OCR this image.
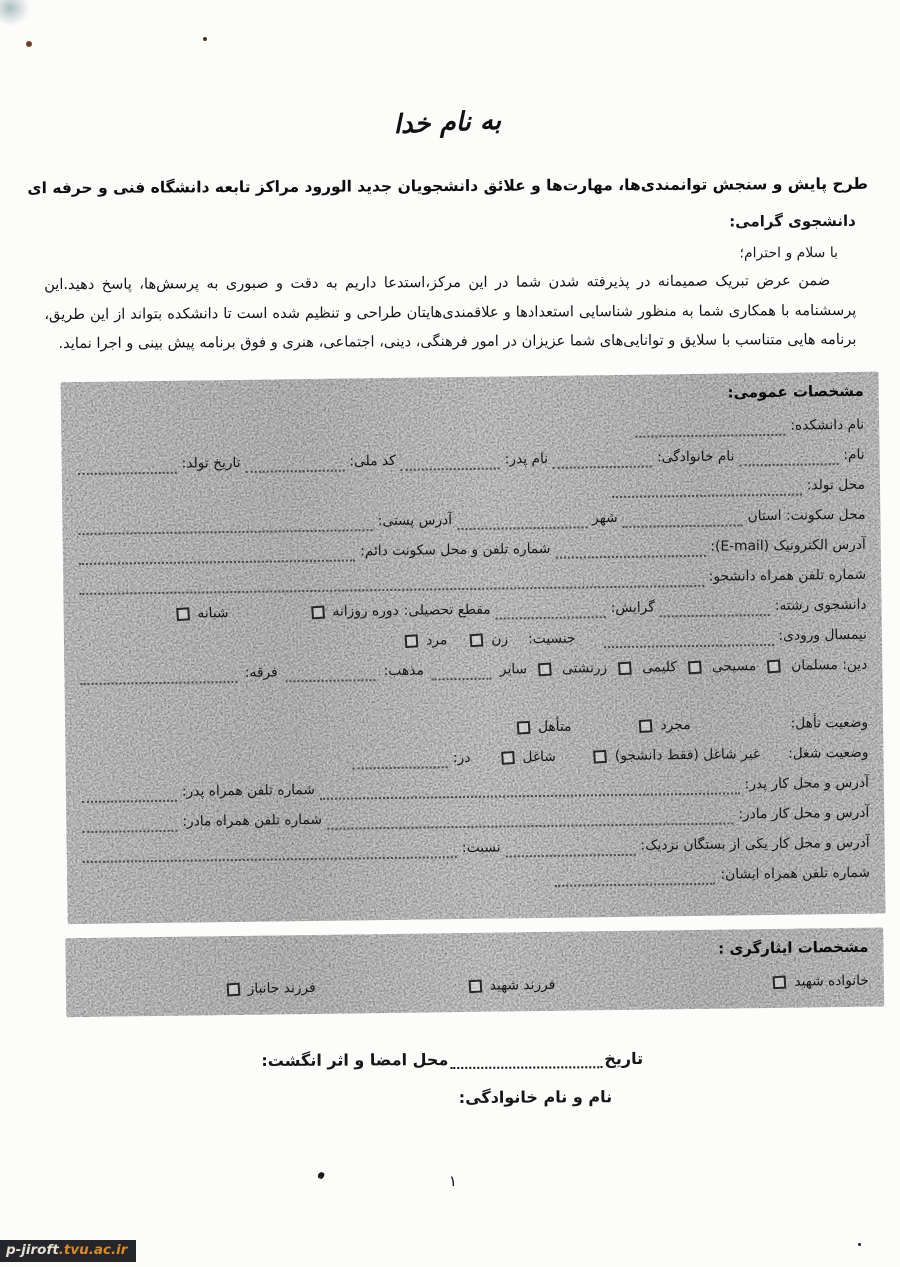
به نام خدا
طرح پایش و سنجش توانمندی‌ها، مهارت‌ها و علائق دانشجویان جدید الورود مراکز تابعه دانشگاه فنی و حرفه ای
دانشجوی گرامی:
با سلام و احترام؛
ضمن عرض تبریک صمیمانه در پذیرفته شدن شما در این مرکز،استدعا داریم به دقت و صبوری به پرسش‌ها، پاسخ دهید.این پرسشنامه با همکاری شما به منظور شناسایی استعدادها و علاقمندی‌هایتان طراحی و تنظیم شده است تا دانشکده بتواند از این طریق، برنامه هایی متناسب با سلایق و توانایی‌های شما عزیزان در امور فرهنگی، دینی، اجتماعی، هنری و فوق برنامه پیش بینی و اجرا نماید.
مشخصات عمومی:
نام دانشکده:
نام:
نام خانوادگی:
نام پدر:
کد ملی:
تاریخ تولد:
محل تولد:
محل سکونت: استان
شهر
آدرس پستی:
آدرس الکترونیک (E-mail):
شماره تلفن و محل سکونت دائم:
شماره تلفن همراه دانشجو:
دانشجوی رشته:
گرایش:
مقطع تحصیلی:
دوره روزانه
شبانه
نیمسال ورودی:
جنسیت:
زن
مرد
دین: مسلمان
مسیحی
کلیمی
زرتشتی
سایر
مذهب:
فرقه:
وضعیت تأهل:
مجرد
متأهل
وضعیت شغل:
غیر شاغل (فقط دانشجو)
شاغل
در:
آدرس و محل کار پدر:
شماره تلفن همراه پدر:
آدرس و محل کار مادر:
شماره تلفن همراه مادر:
آدرس و محل کار یکی از بستگان نزدیک:
نسبت:
شماره تلفن همراه ایشان:
مشخصات ایثارگری :
خانواده شهید
فرزند شهید
فرزند جانباز
تاریخ
محل امضا و اثر انگشت:
نام و نام خانوادگی:
۱
p-jiroft.tvu.ac.ir
